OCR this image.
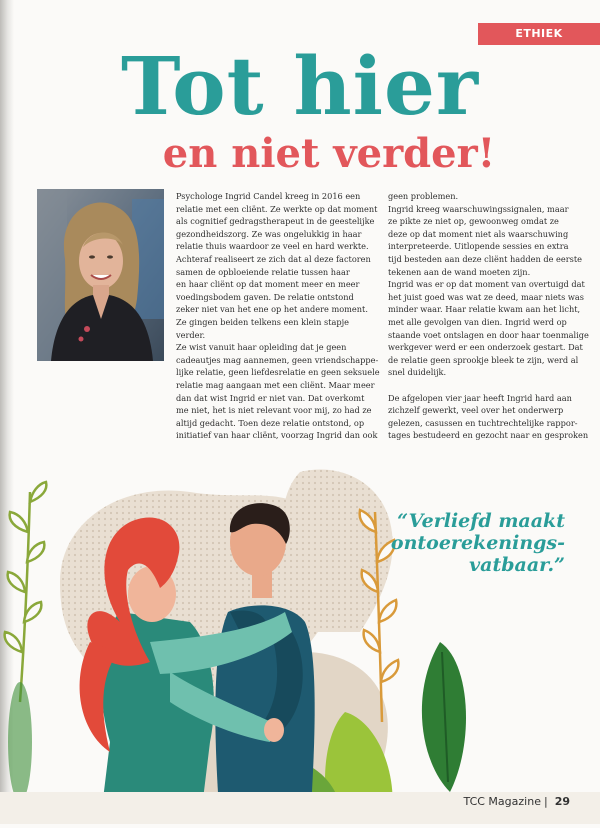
ETHIEK
Tot hier
en niet verder!

Psychologe Ingrid Candel kreeg in 2016 een

relatie met een cliënt. Ze werkte op dat moment

als cognitief gedragstherapeut in de geestelijke

gezondheidszorg. Ze was ongelukkig in haar

relatie thuis waardoor ze veel en hard werkte.

Achteraf realiseert ze zich dat al deze factoren

samen de opbloeiende relatie tussen haar

en haar cliënt op dat moment meer en meer

voedingsbodem gaven. De relatie ontstond

zeker niet van het ene op het andere moment.

Ze gingen beiden telkens een klein stapje

verder.

Ze wist vanuit haar opleiding dat je geen

cadeautjes mag aannemen, geen vriendschappe-

lijke relatie, geen liefdesrelatie en geen seksuele

relatie mag aangaan met een cliënt. Maar meer

dan dat wist Ingrid er niet van. Dat overkomt

me niet, het is niet relevant voor mij, zo had ze

altijd gedacht. Toen deze relatie ontstond, op

initiatief van haar cliënt, voorzag Ingrid dan ook

geen problemen.

Ingrid kreeg waarschuwingssignalen, maar

ze pikte ze niet op, gewoonweg omdat ze

deze op dat moment niet als waarschuwing

interpreteerde. Uitlopende sessies en extra

tijd besteden aan deze cliënt hadden de eerste

tekenen aan de wand moeten zijn.

Ingrid was er op dat moment van overtuigd dat

het juist goed was wat ze deed, maar niets was

minder waar. Haar relatie kwam aan het licht,

met alle gevolgen van dien. Ingrid werd op

staande voet ontslagen en door haar toenmalige

werkgever werd er een onderzoek gestart. Dat

de relatie geen sprookje bleek te zijn, werd al

snel duidelijk.

De afgelopen vier jaar heeft Ingrid hard aan

zichzelf gewerkt, veel over het onderwerp

gelezen, casussen en tuchtrechtelijke rappor-

tages bestudeerd en gezocht naar en gesproken

“Verliefd maakt
ontoerekenings-
vatbaar.”
TCC Magazine | 29
